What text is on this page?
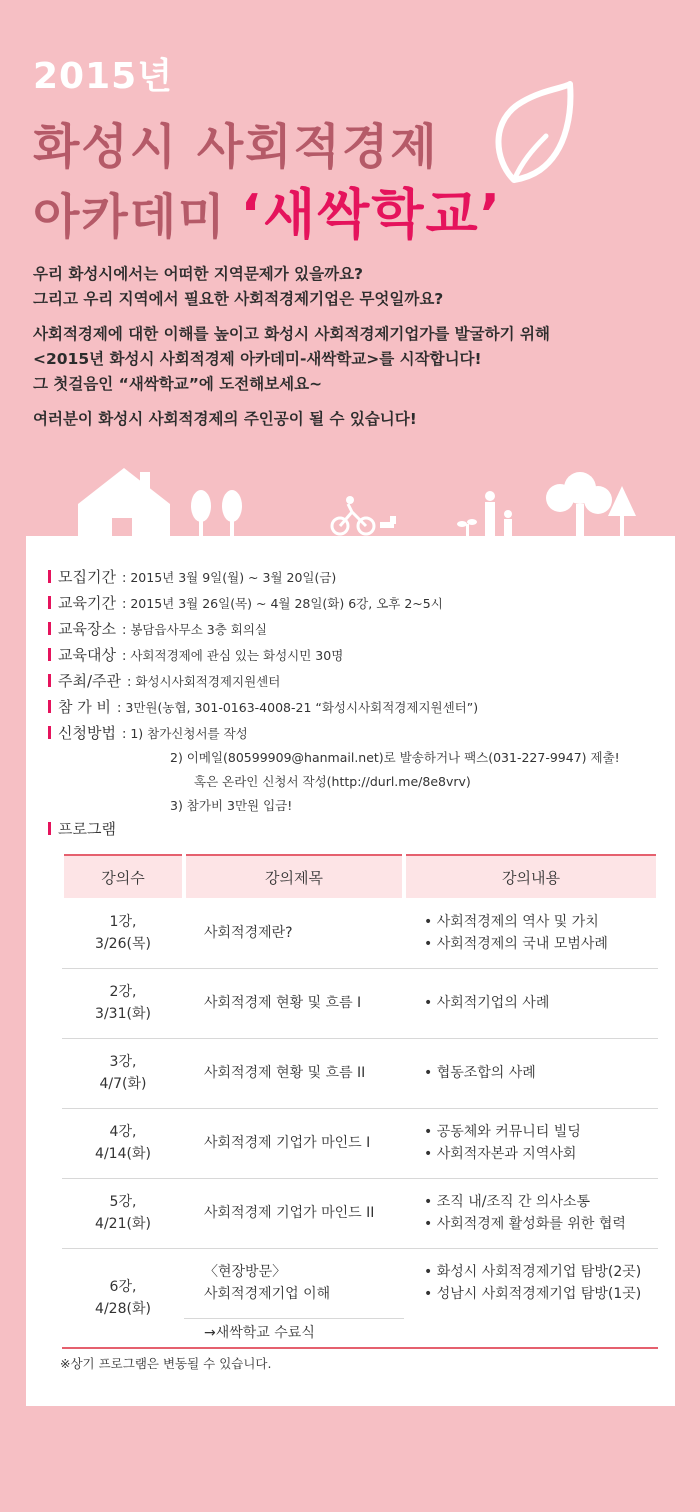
2015년
화성시 사회적경제
아카데미 ‘새싹학교’

우리 화성시에서는 어떠한 지역문제가 있을까요?
그리고 우리 지역에서 필요한 사회적경제기업은 무엇일까요?

사회적경제에 대한 이해를 높이고 화성시 사회적경제기업가를 발굴하기 위해
<2015년 화성시 사회적경제 아카데미-새싹학교>를 시작합니다!
그 첫걸음인 “새싹학교”에 도전해보세요~

여러분이 화성시 사회적경제의 주인공이 될 수 있습니다!

모집기간 : 2015년 3월 9일(월) ~ 3월 20일(금)
교육기간 : 2015년 3월 26일(목) ~ 4월 28일(화) 6강, 오후 2~5시
교육장소 : 봉담읍사무소 3층 회의실
교육대상 : 사회적경제에 관심 있는 화성시민 30명
주최/주관 : 화성시사회적경제지원센터
참 가 비 : 3만원(농협, 301-0163-4008-21 “화성시사회적경제지원센터”)
신청방법 : 1) 참가신청서를 작성
2) 이메일(80599909@hanmail.net)로 발송하거나 팩스(031-227-9947) 제출!
혹은 온라인 신청서 작성(http://durl.me/8e8vrv)
3) 참가비 3만원 입금!
프로그램
강의수	강의제목	강의내용
1강,
3/26(목)	사회적경제란?	• 사회적경제의 역사 및 가치
• 사회적경제의 국내 모범사례
2강,
3/31(화)	사회적경제 현황 및 흐름 I	• 사회적기업의 사례
3강,
4/7(화)	사회적경제 현황 및 흐름 II	• 협동조합의 사례
4강,
4/14(화)	사회적경제 기업가 마인드 I	• 공동체와 커뮤니티 빌딩
• 사회적자본과 지역사회
5강,
4/21(화)	사회적경제 기업가 마인드 II	• 조직 내/조직 간 의사소통
• 사회적경제 활성화를 위한 협력
6강,
4/28(화)	〈현장방문〉
사회적경제기업 이해	• 화성시 사회적경제기업 탐방(2곳)
• 성남시 사회적경제기업 탐방(1곳)
	→새싹학교 수료식	
※상기 프로그램은 변동될 수 있습니다.
